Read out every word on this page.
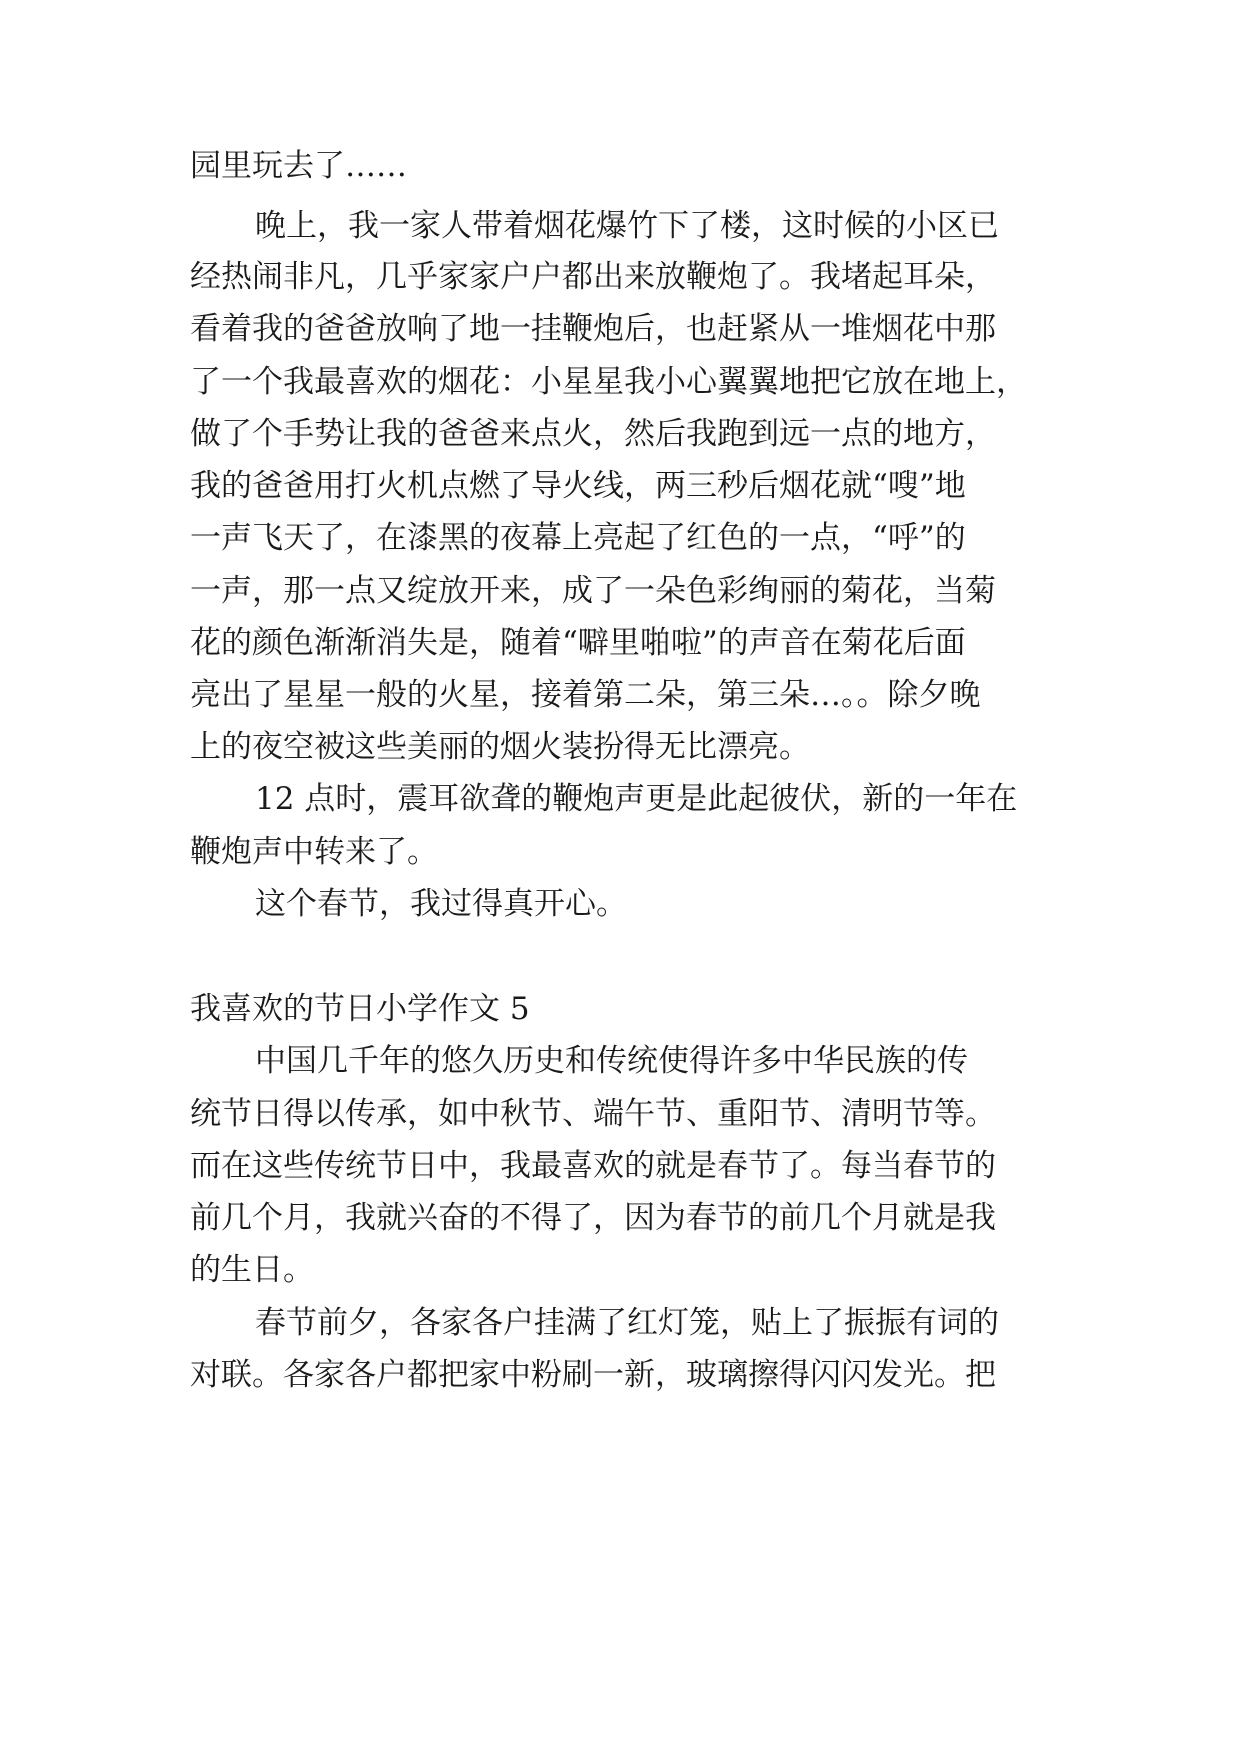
园里玩去了……

晚上，我一家人带着烟花爆竹下了楼，这时候的小区已

经热闹非凡，几乎家家户户都出来放鞭炮了。我堵起耳朵，

看着我的爸爸放响了地一挂鞭炮后，也赶紧从一堆烟花中那

了一个我最喜欢的烟花：小星星我小心翼翼地把它放在地上，

做了个手势让我的爸爸来点火，然后我跑到远一点的地方，

我的爸爸用打火机点燃了导火线，两三秒后烟花就“嗖”地

一声飞天了，在漆黑的夜幕上亮起了红色的一点，“呼”的

一声，那一点又绽放开来，成了一朵色彩绚丽的菊花，当菊

花的颜色渐渐消失是，随着“噼里啪啦”的声音在菊花后面

亮出了星星一般的火星，接着第二朵，第三朵…。。除夕晚

上的夜空被这些美丽的烟火装扮得无比漂亮。

12 点时，震耳欲聋的鞭炮声更是此起彼伏，新的一年在

鞭炮声中转来了。

这个春节，我过得真开心。

我喜欢的节日小学作文 5

中国几千年的悠久历史和传统使得许多中华民族的传

统节日得以传承，如中秋节、端午节、重阳节、清明节等。

而在这些传统节日中，我最喜欢的就是春节了。每当春节的

前几个月，我就兴奋的不得了，因为春节的前几个月就是我

的生日。

春节前夕，各家各户挂满了红灯笼，贴上了振振有词的

对联。各家各户都把家中粉刷一新，玻璃擦得闪闪发光。把
